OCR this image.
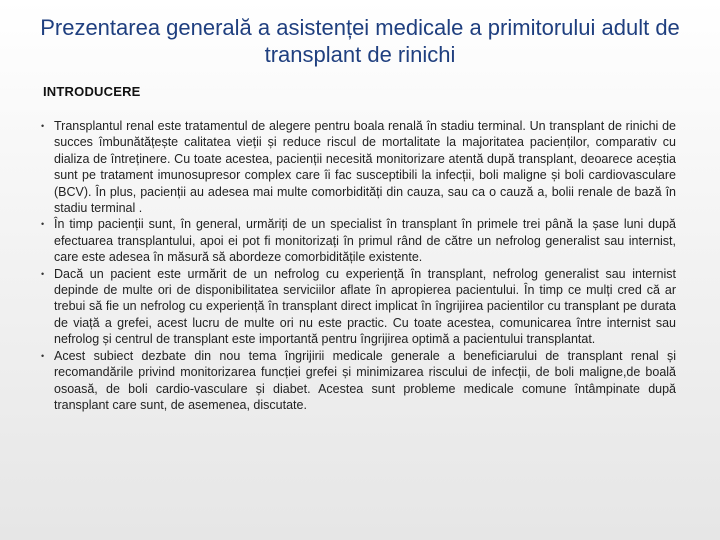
Prezentarea generală a asistenței medicale a primitorului adult de transplant de rinichi
INTRODUCERE
• Transplantul renal este tratamentul de alegere pentru boala renală în stadiu terminal. Un transplant de rinichi de succes îmbunătățește calitatea vieții și reduce riscul de mortalitate la majoritatea pacienților, comparativ cu dializa de întreținere. Cu toate acestea, pacienții necesită monitorizare atentă după transplant, deoarece aceștia sunt pe tratament imunosupresor complex care îi fac susceptibili la infecții, boli maligne și boli cardiovasculare (BCV). În plus, pacienții au adesea mai multe comorbidități din cauza, sau ca o cauză a, bolii renale de bază în stadiu terminal .
• În timp pacienții sunt, în general, urmăriți de un specialist în transplant în primele trei până la șase luni după efectuarea transplantului, apoi ei pot fi monitorizați în primul rând de către un nefrolog generalist sau internist, care este adesea în măsură să abordeze comorbiditățile existente.
• Dacă un pacient este urmărit de un nefrolog cu experiență în transplant, nefrolog generalist sau internist depinde de multe ori de disponibilitatea serviciilor aflate în apropierea pacientului. În timp ce mulți cred că ar trebui să fie un nefrolog cu experiență în transplant direct implicat în îngrijirea pacientilor cu transplant pe durata de viață a grefei, acest lucru de multe ori nu este practic. Cu toate acestea, comunicarea între internist sau nefrolog și centrul de transplant este importantă pentru îngrijirea optimă a pacientului transplantat.
• Acest subiect dezbate din nou tema îngrijirii medicale generale a beneficiarului de transplant renal și recomandările privind monitorizarea funcției grefei și minimizarea riscului de infecții, de boli maligne,de boală osoasă, de boli cardio-vasculare și diabet. Acestea sunt probleme medicale comune întâmpinate după transplant care sunt, de asemenea, discutate.
